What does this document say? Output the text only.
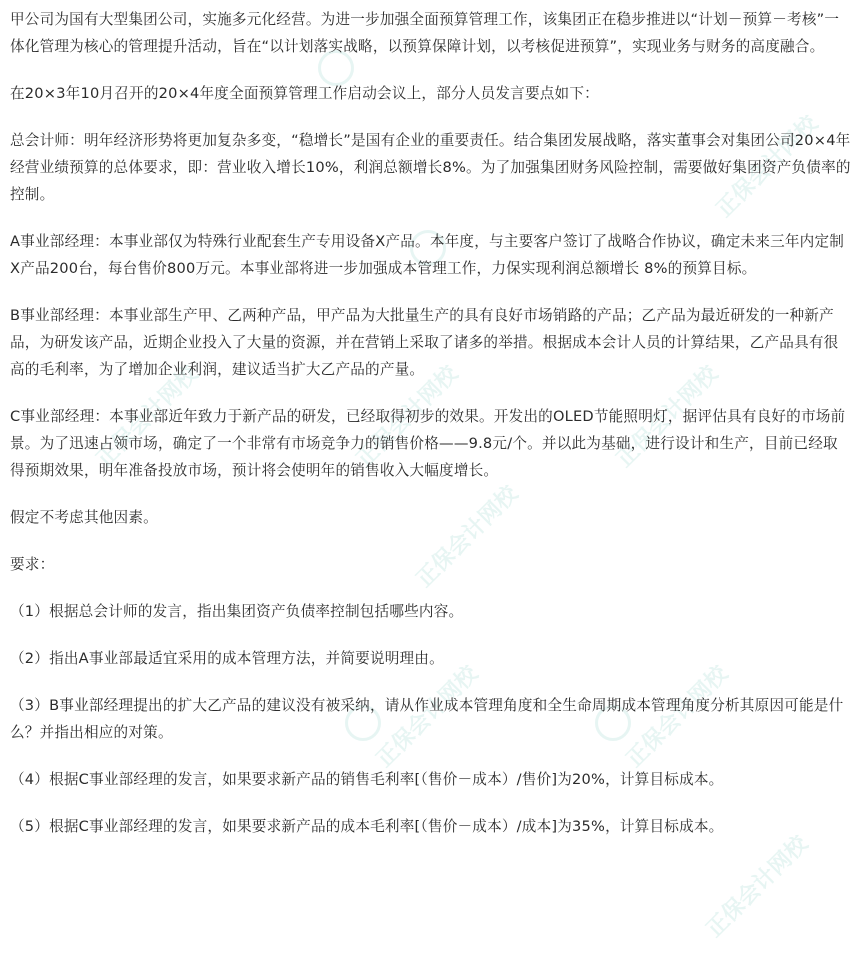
正保会计网校
正保会计网校	正保会计网校	正保会计网校
正保会计网校
正保会计网校	正保会计网校
正保会计网校

甲公司为国有大型集团公司，实施多元化经营。为进一步加强全面预算管理工作，该集团正在稳步推进以“计划－预算－考核”一体化管理为核心的管理提升活动，旨在“以计划落实战略，以预算保障计划，以考核促进预算”，实现业务与财务的高度融合。

在20×3年10月召开的20×4年度全面预算管理工作启动会议上，部分人员发言要点如下：

总会计师：明年经济形势将更加复杂多变，“稳增长”是国有企业的重要责任。结合集团发展战略，落实董事会对集团公司20×4年经营业绩预算的总体要求，即：营业收入增长10%，利润总额增长8%。为了加强集团财务风险控制，需要做好集团资产负债率的控制。

A事业部经理：本事业部仅为特殊行业配套生产专用设备X产品。本年度，与主要客户签订了战略合作协议，确定未来三年内定制X产品200台，每台售价800万元。本事业部将进一步加强成本管理工作，力保实现利润总额增长 8%的预算目标。

B事业部经理：本事业部生产甲、乙两种产品，甲产品为大批量生产的具有良好市场销路的产品；乙产品为最近研发的一种新产品，为研发该产品，近期企业投入了大量的资源，并在营销上采取了诸多的举措。根据成本会计人员的计算结果，乙产品具有很高的毛利率，为了增加企业利润，建议适当扩大乙产品的产量。

C事业部经理：本事业部近年致力于新产品的研发，已经取得初步的效果。开发出的OLED节能照明灯，据评估具有良好的市场前景。为了迅速占领市场，确定了一个非常有市场竞争力的销售价格——9.8元/个。并以此为基础，进行设计和生产，目前已经取得预期效果，明年准备投放市场，预计将会使明年的销售收入大幅度增长。

假定不考虑其他因素。

要求：

（1）根据总会计师的发言，指出集团资产负债率控制包括哪些内容。

（2）指出A事业部最适宜采用的成本管理方法，并简要说明理由。

（3）B事业部经理提出的扩大乙产品的建议没有被采纳，请从作业成本管理角度和全生命周期成本管理角度分析其原因可能是什么？并指出相应的对策。

（4）根据C事业部经理的发言，如果要求新产品的销售毛利率[（售价－成本）/售价]为20%，计算目标成本。

（5）根据C事业部经理的发言，如果要求新产品的成本毛利率[（售价－成本）/成本]为35%，计算目标成本。
